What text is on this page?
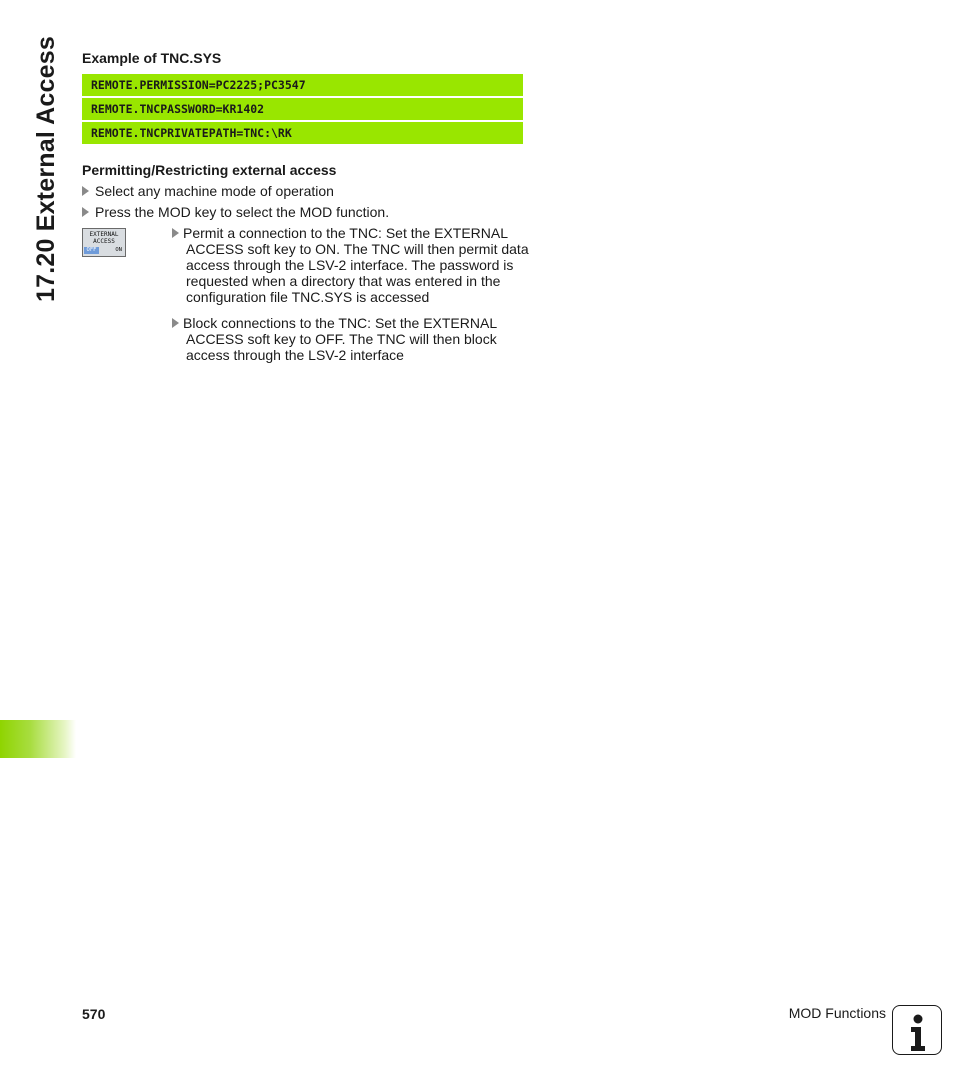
17.20 External Access Example of TNC.SYS
REMOTE.PERMISSION=PC2225;PC3547
REMOTE.TNCPASSWORD=KR1402
REMOTE.TNCPRIVATEPATH=TNC:\RK
Permitting/Restricting external access
Select any machine mode of operation
Press the MOD key to select the MOD function.
EXTERNAL
ACCESS
OFF	ON
Permit a connection to the TNC: Set the EXTERNAL
ACCESS soft key to ON. The TNC will then permit data access through the LSV-2 interface. The password is requested when a directory that was entered in the configuration file TNC.SYS is accessed
Block connections to the TNC: Set the EXTERNAL
ACCESS soft key to OFF. The TNC will then block access through the LSV-2 interface
570	MOD Functions
